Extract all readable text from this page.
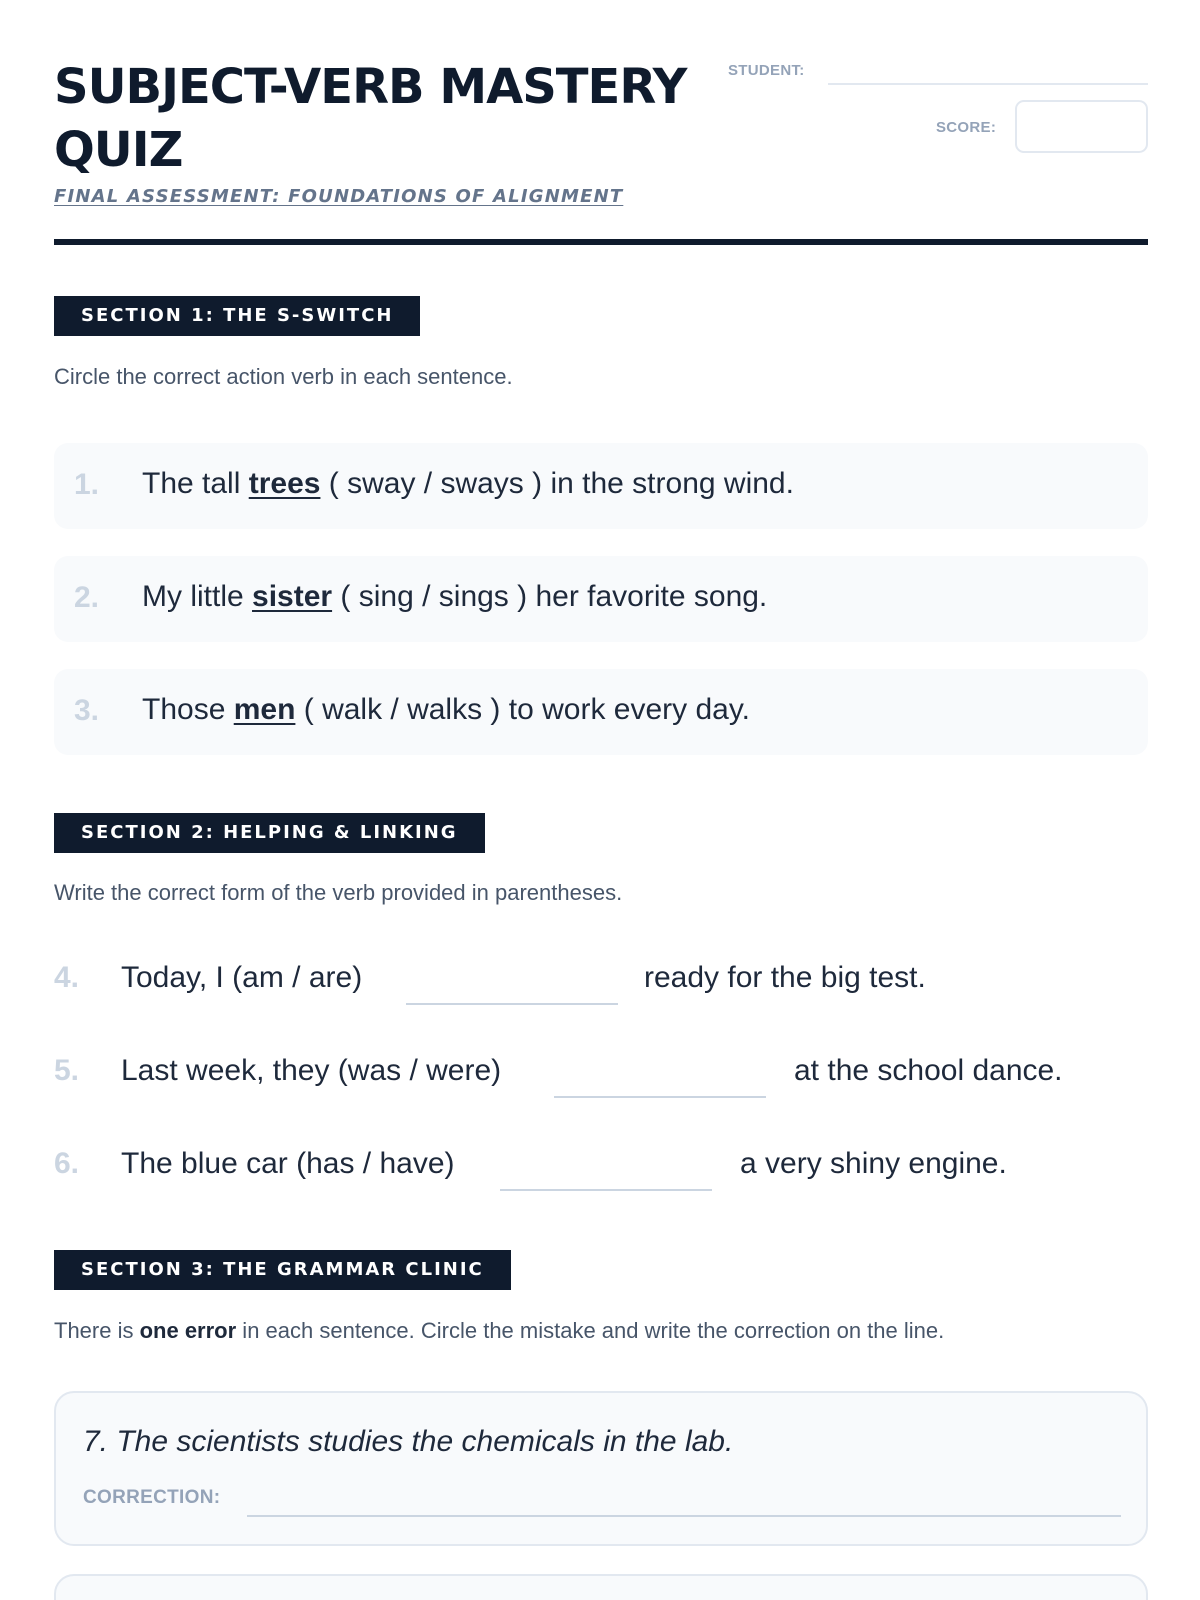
SUBJECT-VERB MASTERY QUIZ
FINAL ASSESSMENT: FOUNDATIONS OF ALIGNMENT
STUDENT:
SCORE:
SECTION 1: THE S-SWITCH
Circle the correct action verb in each sentence.
1. The tall trees ( sway / sways ) in the strong wind.
2. My little sister ( sing / sings ) her favorite song.
3. Those men ( walk / walks ) to work every day.
SECTION 2: HELPING & LINKING
Write the correct form of the verb provided in parentheses.
4. Today, I (am / are)	ready for the big test.
5. Last week, they (was / were)	at the school dance.
6. The blue car (has / have)	a very shiny engine.
SECTION 3: THE GRAMMAR CLINIC
There is one error in each sentence. Circle the mistake and write the correction on the line.
7. The scientists studies the chemicals in the lab.
CORRECTION:
